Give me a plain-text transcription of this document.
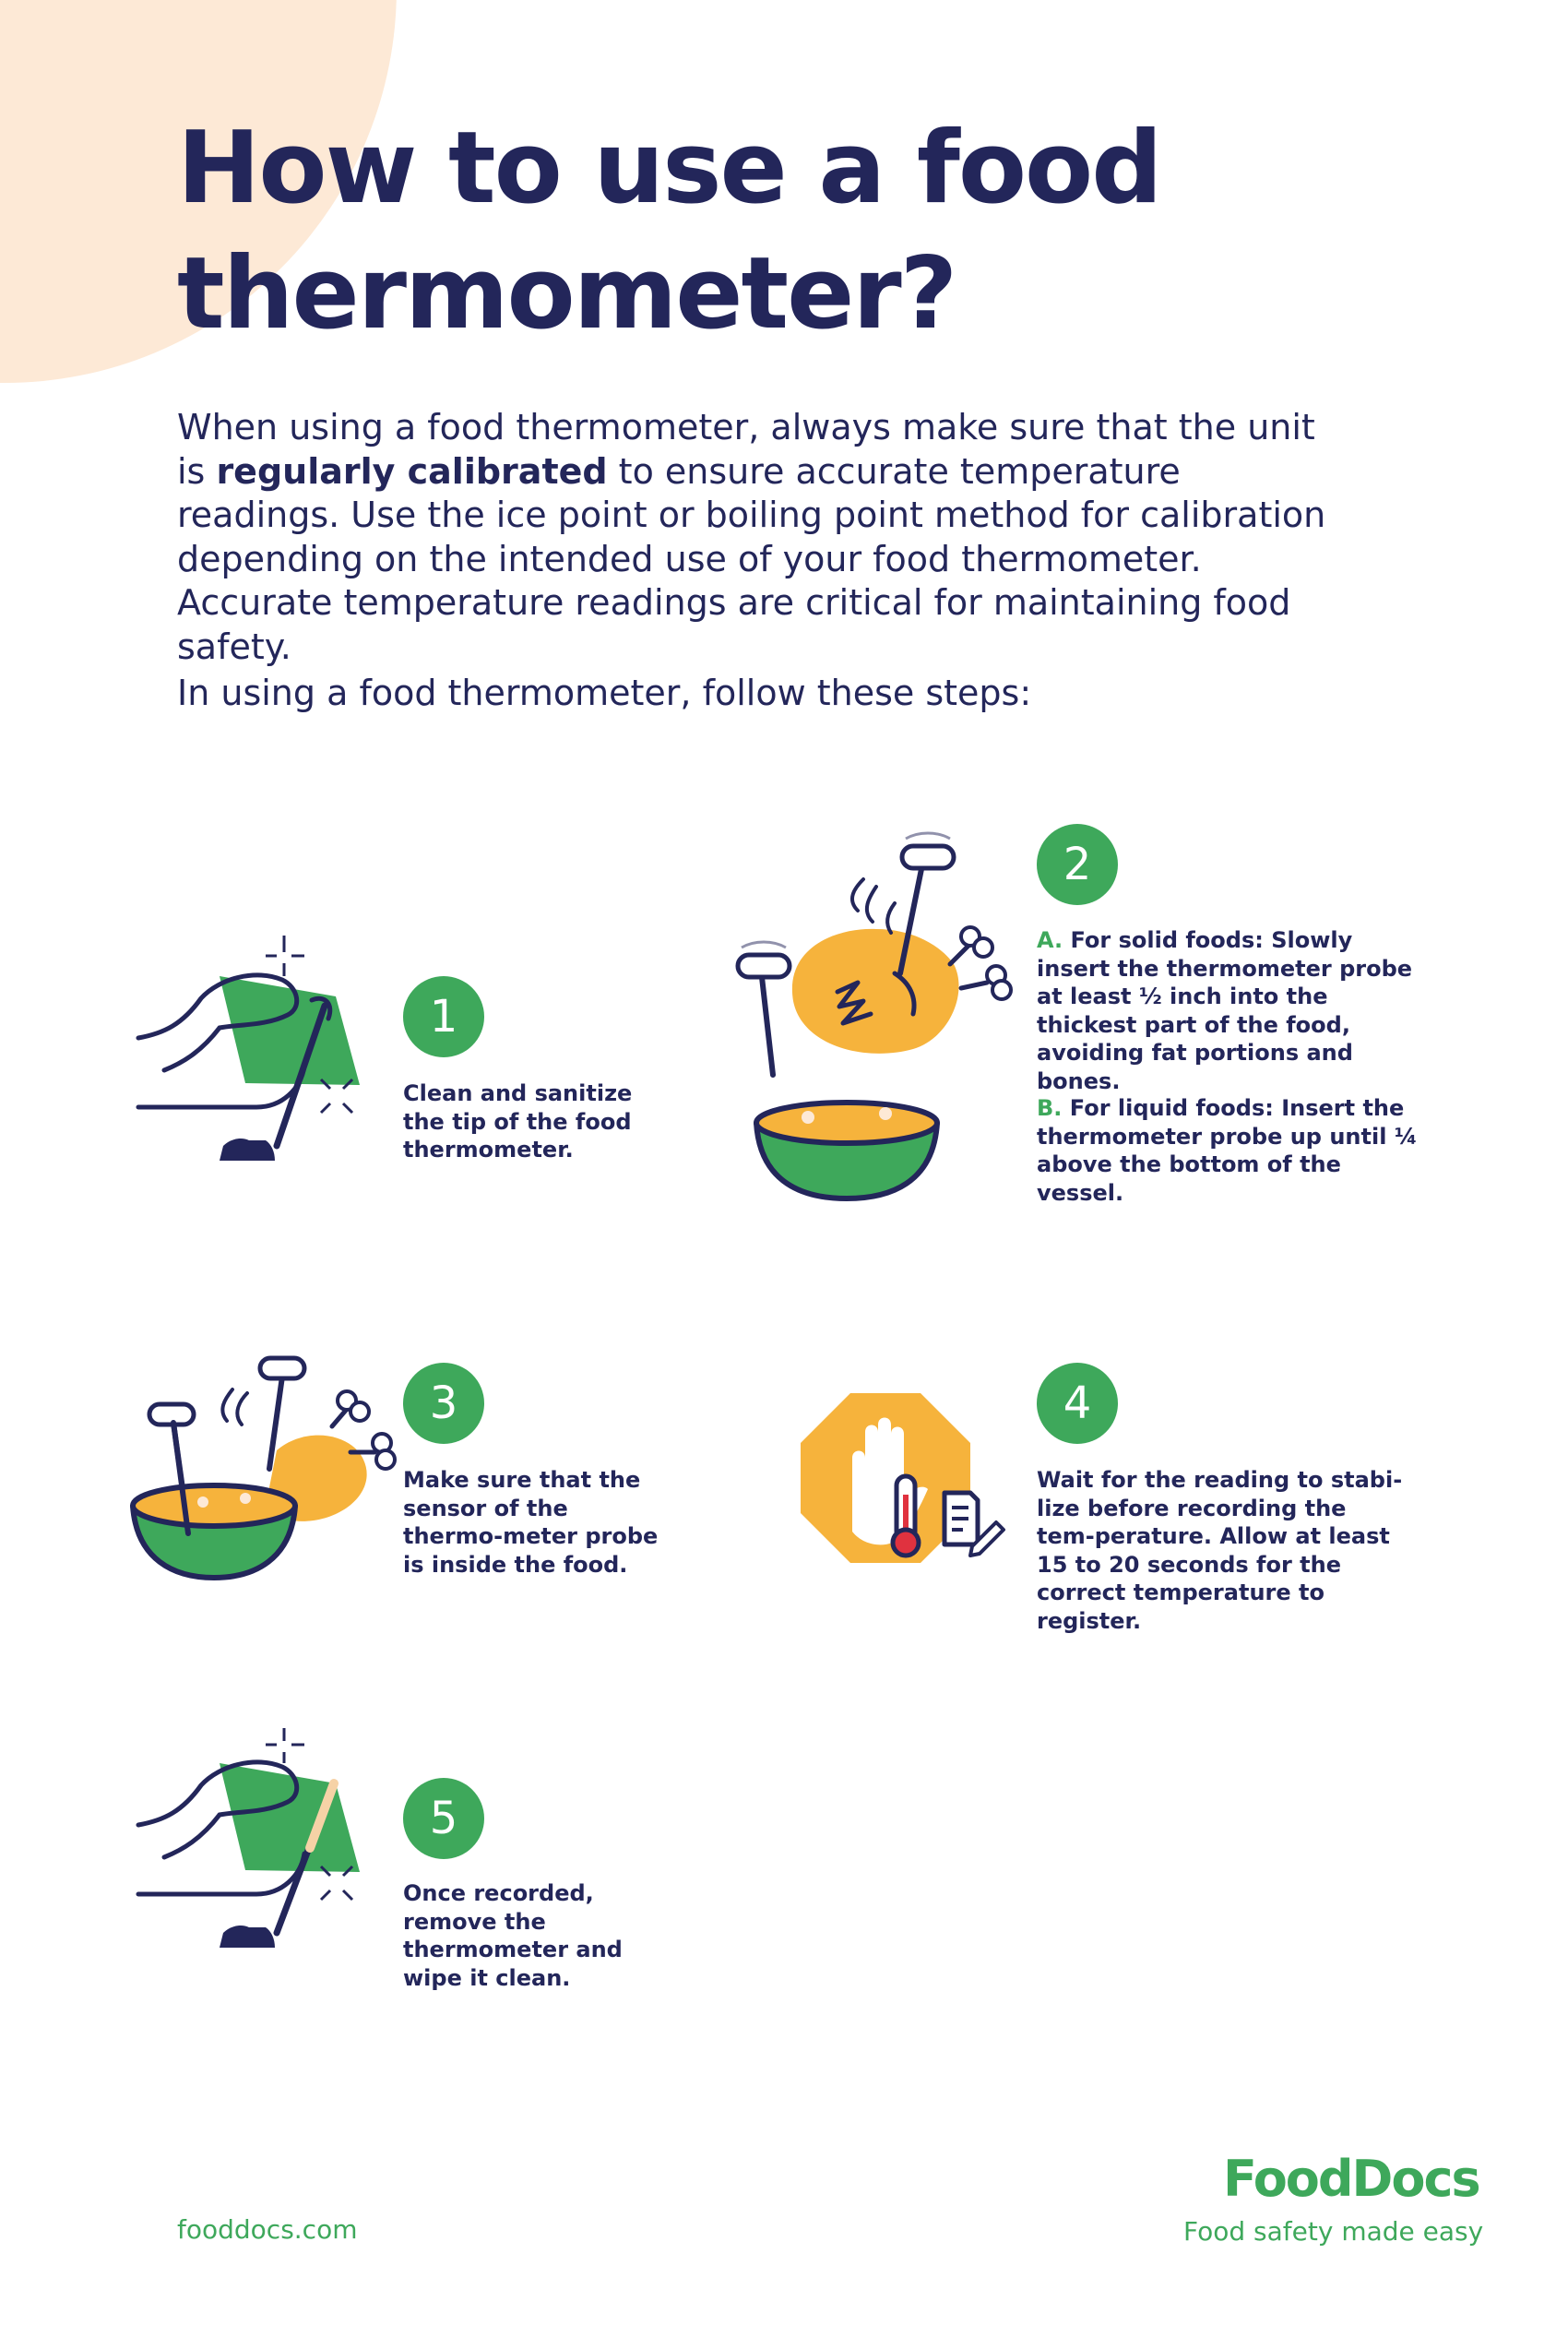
How to use a food thermometer?

When using a food thermometer, always make sure that the unit is regularly calibrated to ensure accurate temperature readings. Use the ice point or boiling point method for calibration depending on the intended use of your food thermometer. Accurate temperature readings are critical for maintaining food safety.

In using a food thermometer, follow these steps:

1

Clean and sanitize the tip of the food thermometer.

2

A. For solid foods: Slowly insert the thermometer probe at least ½ inch into the thickest part of the food, avoiding fat portions and bones.

B. For liquid foods: Insert the thermometer probe up until ¼ above the bottom of the vessel.

3

Make sure that the sensor of the thermo-meter probe is inside the food.

4

Wait for the reading to stabi-lize before recording the tem-perature. Allow at least 15 to 20 seconds for the correct temperature to register.

5

Once recorded, remove the thermometer and wipe it clean.

fooddocs.com
FoodDocs
Food safety made easy
